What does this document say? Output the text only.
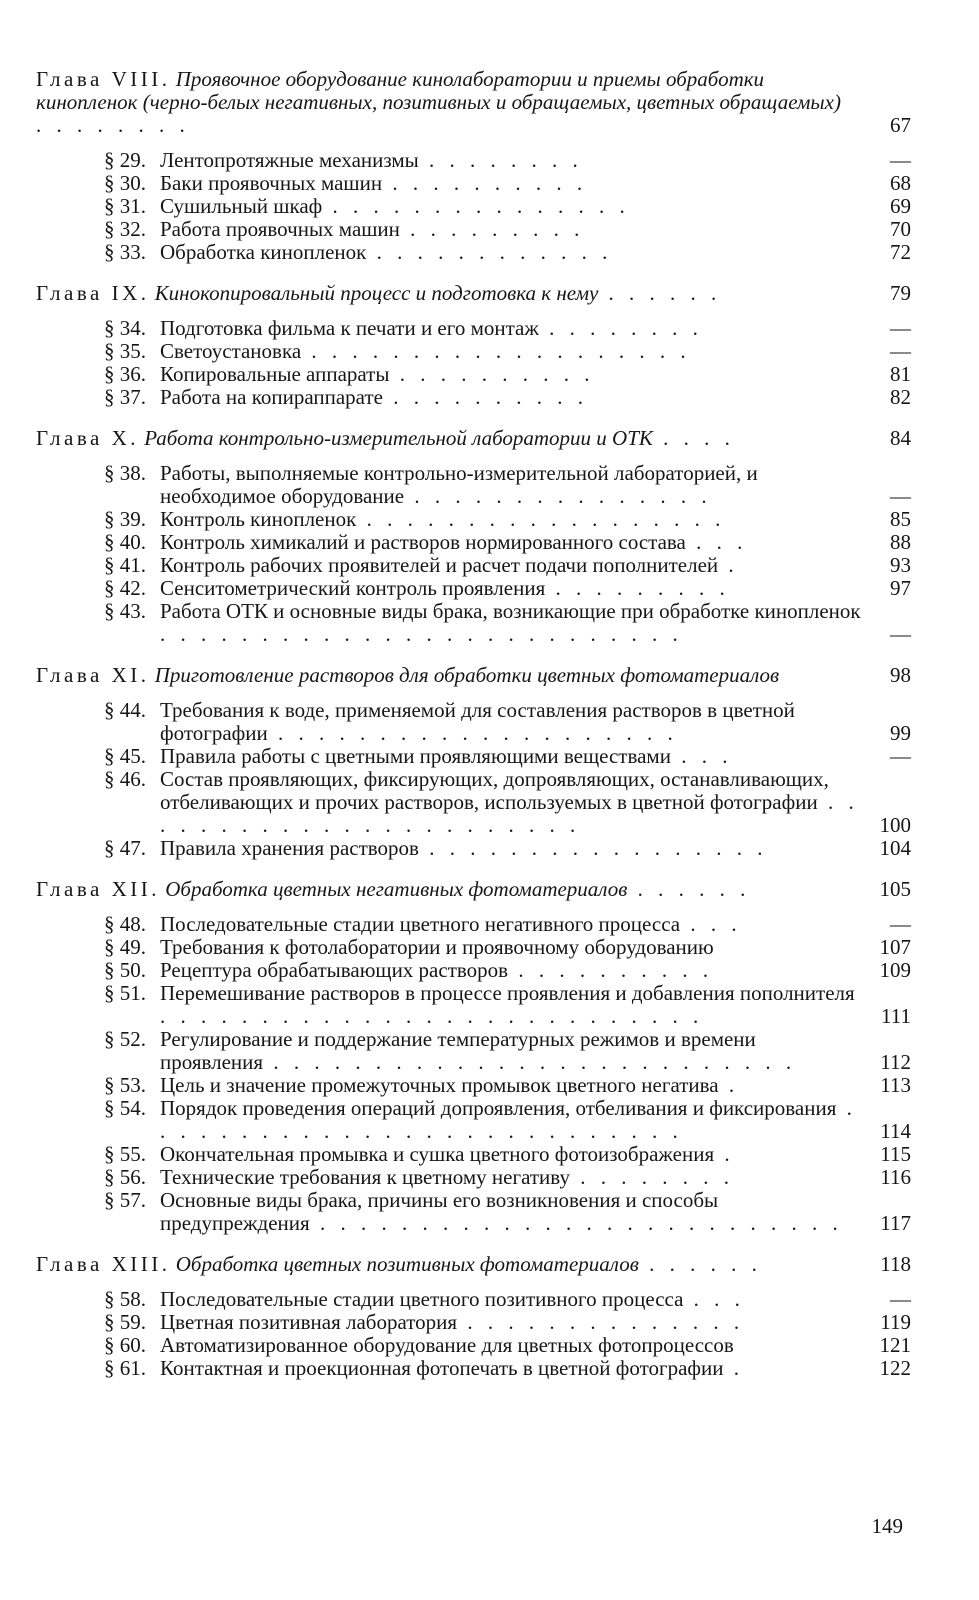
Глава VIII. Проявочное оборудование кинолаборатории и приемы обработки кинопленок (черно-белых негативных, позитивных и обращаемых, цветных обращаемых) . . . . . . . .	67
§ 29. Лентопротяжные механизмы . . . . . . . .	—
§ 30. Баки проявочных машин . . . . . . . . . .	68
§ 31. Сушильный шкаф . . . . . . . . . . . . . . .	69
§ 32. Работа проявочных машин . . . . . . . . .	70
§ 33. Обработка кинопленок . . . . . . . . . . . .	72
Глава IX. Кинокопировальный процесс и подготовка к нему . . . . . .	79
§ 34. Подготовка фильма к печати и его монтаж . . . . . . . .	—
§ 35. Светоустановка . . . . . . . . . . . . . . . . . . .	—
§ 36. Копировальные аппараты . . . . . . . . . .	81
§ 37. Работа на копираппарате . . . . . . . . . .	82
Глава X. Работа контрольно-измерительной лаборатории и ОТК . . . .	84
§ 38. Работы, выполняемые контрольно-измерительной лабораторией, и необходимое оборудование . . . . . . . . . . . . . . .	—
§ 39. Контроль кинопленок . . . . . . . . . . . . . . . . . .	85
§ 40. Контроль химикалий и растворов нормированного состава . . .	88
§ 41. Контроль рабочих проявителей и расчет подачи пополнителей .	93
§ 42. Сенситометрический контроль проявления . . . . . . . . .	97
§ 43. Работа ОТК и основные виды брака, возникающие при обработке кинопленок . . . . . . . . . . . . . . . . . . . . . . . . . .	—
Глава XI. Приготовление растворов для обработки цветных фотоматериалов	98
§ 44. Требования к воде, применяемой для составления растворов в цветной фотографии . . . . . . . . . . . . . . . . . . . .	99
§ 45. Правила работы с цветными проявляющими веществами . . .	—
§ 46. Состав проявляющих, фиксирующих, допроявляющих, останавливающих, отбеливающих и прочих растворов, используемых в цветной фотографии . . . . . . . . . . . . . . . . . . . . . . .	100
§ 47. Правила хранения растворов . . . . . . . . . . . . . . . . .	104
Глава XII. Обработка цветных негативных фотоматериалов . . . . . .	105
§ 48. Последовательные стадии цветного негативного процесса . . .	—
§ 49. Требования к фотолаборатории и проявочному оборудованию	107
§ 50. Рецептура обрабатывающих растворов . . . . . . . . . .	109
§ 51. Перемешивание растворов в процессе проявления и добавления пополнителя . . . . . . . . . . . . . . . . . . . . . . . . . . .	111
§ 52. Регулирование и поддержание температурных режимов и времени проявления . . . . . . . . . . . . . . . . . . . . . . . . . .	112
§ 53. Цель и значение промежуточных промывок цветного негатива .	113
§ 54. Порядок проведения операций допроявления, отбеливания и фиксирования . . . . . . . . . . . . . . . . . . . . . . . . . . .	114
§ 55. Окончательная промывка и сушка цветного фотоизображения .	115
§ 56. Технические требования к цветному негативу . . . . . . . .	116
§ 57. Основные виды брака, причины его возникновения и способы предупреждения . . . . . . . . . . . . . . . . . . . . . . . . . .	117
Глава XIII. Обработка цветных позитивных фотоматериалов . . . . . .	118
§ 58. Последовательные стадии цветного позитивного процесса . . .	—
§ 59. Цветная позитивная лаборатория . . . . . . . . . . . . . .	119
§ 60. Автоматизированное оборудование для цветных фотопроцессов	121
§ 61. Контактная и проекционная фотопечать в цветной фотографии .	122
149
